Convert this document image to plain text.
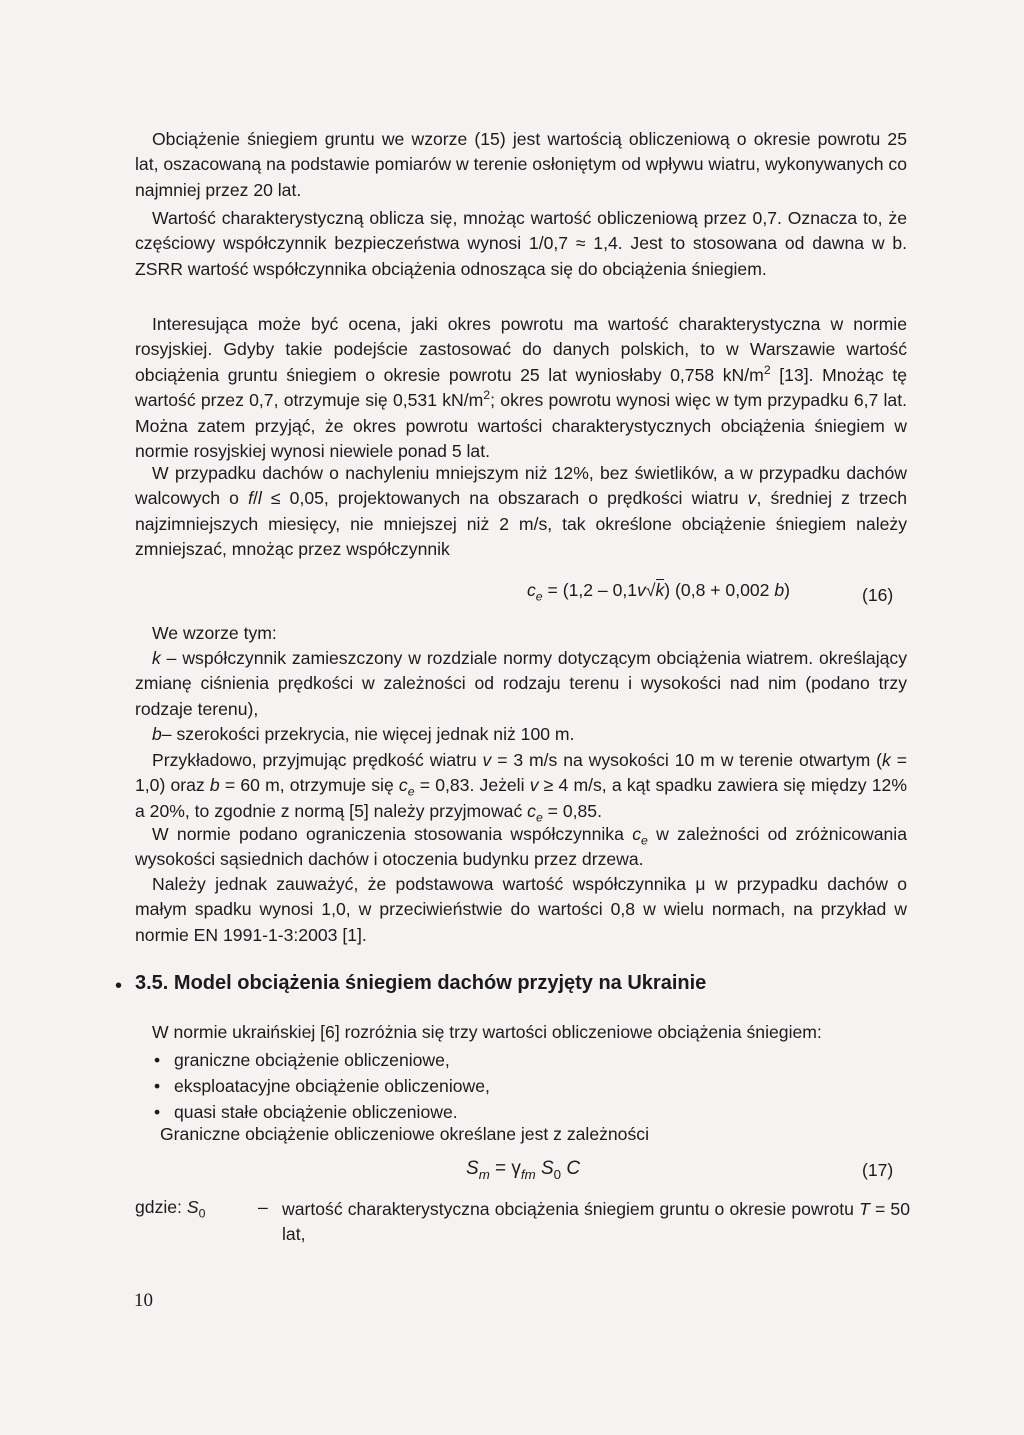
Obciążenie śniegiem gruntu we wzorze (15) jest wartością obliczeniową o okresie powrotu 25 lat, oszacowaną na podstawie pomiarów w terenie osłoniętym od wpływu wiatru, wykonywanych co najmniej przez 20 lat.

Wartość charakterystyczną oblicza się, mnożąc wartość obliczeniową przez 0,7. Oznacza to, że częściowy współczynnik bezpieczeństwa wynosi 1/0,7 ≈ 1,4. Jest to stosowana od dawna w b. ZSRR wartość współczynnika obciążenia odnosząca się do obciążenia śniegiem.

Interesująca może być ocena, jaki okres powrotu ma wartość charakterystyczna w normie rosyjskiej. Gdyby takie podejście zastosować do danych polskich, to w Warszawie wartość obciążenia gruntu śniegiem o okresie powrotu 25 lat wyniosłaby 0,758 $kN/m^2$ [13]. Mnożąc tę wartość przez 0,7, otrzymuje się 0,531 $kN/m^2$; okres powrotu wynosi więc w tym przypadku 6,7 lat. Można zatem przyjąć, że okres powrotu wartości charakterystycznych obciążenia śniegiem w normie rosyjskiej wynosi niewiele ponad 5 lat.

W przypadku dachów o nachyleniu mniejszym niż 12%, bez świetlików, a w przypadku dachów walcowych o f/l ≤ 0,05, projektowanych na obszarach o prędkości wiatru v, średniej z trzech najzimniejszych miesięcy, nie mniejszej niż 2 m/s, tak określone obciążenie śniegiem należy zmniejszać, mnożąc przez współczynnik

$c_e = (1,2 - 0,1v√k) (0,8 + 0,002$ b)	(16)

We wzorze tym:

k – współczynnik zamieszczony w rozdziale normy dotyczącym obciążenia wiatrem. określający zmianę ciśnienia prędkości w zależności od rodzaju terenu i wysokości nad nim (podano trzy rodzaje terenu),

b– szerokości przekrycia, nie więcej jednak niż 100 m.

Przykładowo, przyjmując prędkość wiatru v = 3 m/s na wysokości 10 m w terenie otwartym (k = 1,0) oraz b = 60 m, otrzymuje się $c_e = 0,83$. Jeżeli v ≥ 4 m/s, a kąt spadku zawiera się między 12% a 20%, to zgodnie z normą [5] należy przyjmować $c_e = 0,85$.

W normie podano ograniczenia stosowania współczynnika $c_e$ w zależności od zróżnicowania wysokości sąsiednich dachów i otoczenia budynku przez drzewa.

Należy jednak zauważyć, że podstawowa wartość współczynnika μ w przypadku dachów o małym spadku wynosi 1,0, w przeciwieństwie do wartości 0,8 w wielu normach, na przykład w normie EN 1991-1-3:2003 [1].

• 3.5. Model obciążenia śniegiem dachów przyjęty na Ukrainie

W normie ukraińskiej [6] rozróżnia się trzy wartości obliczeniowe obciążenia śniegiem:

• graniczne obciążenie obliczeniowe,
• eksploatacyjne obciążenie obliczeniowe,
• quasi stałe obciążenie obliczeniowe.

Graniczne obciążenie obliczeniowe określane jest z zależności

$S_m = \gamma_{fm}$ $S_0$ C	(17)
gdzie: $S_0$	– wartość charakterystyczna obciążenia śniegiem gruntu o okresie powrotu T = 50 lat,

10
